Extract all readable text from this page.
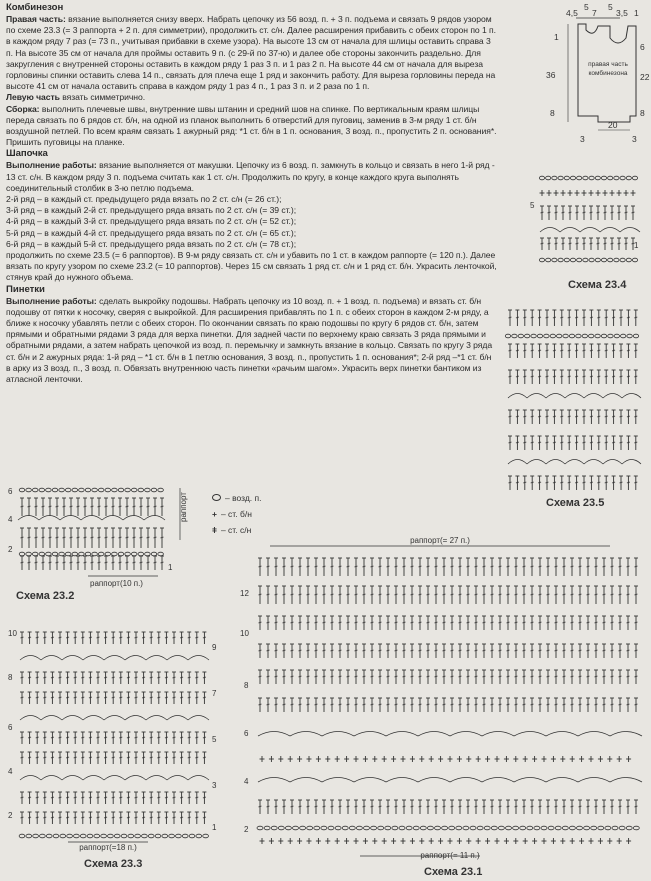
Комбинезон

Правая часть: вязание выполняется снизу вверх. Набрать цепочку из 56 возд. п. + 3 п. подъема и связать 9 рядов узором по схеме 23.3 (= 3 раппорта + 2 п. для симметрии), продолжить ст. с/н. Далее расширения прибавить с обеих сторон по 1 п. в каждом ряду 7 раз (= 73 п., учитывая прибавки в схеме узора). На высоте 13 см от начала для шлицы оставить справа 3 п. На высоте 35 см от начала для проймы оставить 9 п. (с 29-й по 37-ю) и далее обе стороны закончить раздельно. Для закругления с внутренней стороны оставить в каждом ряду 1 раз 3 п. и 1 раз 2 п. На высоте 44 см от начала для выреза горловины спинки оставить слева 14 п., связать для плеча еще 1 ряд и закончить работу. Для выреза горловины переда на высоте 41 см от начала оставить справа в каждом ряду 1 раз 4 п., 1 раз 3 п. и 2 раза по 1 п.

Левую часть вязать симметрично.

Сборка: выполнить плечевые швы, внутренние швы штанин и средний шов на спинке. По вертикальным краям шлицы переда связать по 6 рядов ст. б/н, на одной из планок выполнить 6 отверстий для пуговиц, заменив в 3-м ряду 1 ст. б/н воздушной петлей. По всем краям связать 1 ажурный ряд: *1 ст. б/н в 1 п. основания, 3 возд. п., пропустить 2 п. основания*. Пришить пуговицы на планке.

Шапочка

Выполнение работы: вязание выполняется от макушки. Цепочку из 6 возд. п. замкнуть в кольцо и связать в него 1-й ряд - 13 ст. с/н. В каждом ряду 3 п. подъема считать как 1 ст. с/н. Продолжить по кругу, в конце каждого круга выполнять соединительный столбик в 3-ю петлю подъема.

2-й ряд – в каждый ст. предыдущего ряда вязать по 2 ст. с/н (= 26 ст.);

3-й ряд – в каждый 2-й ст. предыдущего ряда вязать по 2 ст. с/н (= 39 ст.);

4-й ряд – в каждый 3-й ст. предыдущего ряда вязать по 2 ст. с/н (= 52 ст.);

5-й ряд – в каждый 4-й ст. предыдущего ряда вязать по 2 ст. с/н (= 65 ст.);

6-й ряд – в каждый 5-й ст. предыдущего ряда вязать по 2 ст. с/н (= 78 ст.);

продолжить по схеме 23.5 (= 6 раппортов). В 9-м ряду связать ст. с/н и убавить по 1 ст. в каждом раппорте (= 120 п.). Далее вязать по кругу узором по схеме 23.2 (= 10 раппортов). Через 15 см связать 1 ряд ст. с/н и 1 ряд ст. б/н. Украсить ленточкой, стянув край до нужного объема.

Пинетки

Выполнение работы: сделать выкройку подошвы. Набрать цепочку из 10 возд. п. + 1 возд. п. подъема) и вязать ст. б/н подошву от пятки к носочку, сверяя с выкройкой. Для расширения прибавлять по 1 п. с обеих сторон в каждом 2-м ряду, а ближе к носочку убавлять петли с обеих сторон. По окончании связать по краю подошвы по кругу 6 рядов ст. б/н, затем прямыми и обратными рядами 3 ряда для верха пинетки. Для задней части по верхнему краю связать 3 ряда прямыми и обратными рядами, а затем набрать цепочкой из возд. п. перемычку и замкнуть вязание в кольцо. Связать по кругу 3 ряда ст. б/н и 2 ажурных ряда: 1-й ряд – *1 ст. б/н в 1 петлю основания, 3 возд. п., пропустить 1 п. основания*; 2-й ряд –*1 ст. б/н в арку из 3 возд. п., 3 возд. п. Обвязать внутреннюю часть пинетки «рачьим шагом». Украсить верх пинетки бантиком из атласной ленточки.

4,5
5
7
5
3,5 1
1
36
8
6
22
8
20
3	3
правая часть комбинезона
5
1
Схема 23.4
Схема 23.5
6
4
2
1
раппорт
раппорт(10 п.)
Схема 23.2
– возд. п.
+ – ст. б/н
ǂ – ст. с/н
10
9
8
7
6
5
4
3
2
1
раппорт(=18 п.)
Схема 23.3
раппорт(= 27 п.)
12
10
8
6
4
2
раппорт(= 11 п.)
Схема 23.1
